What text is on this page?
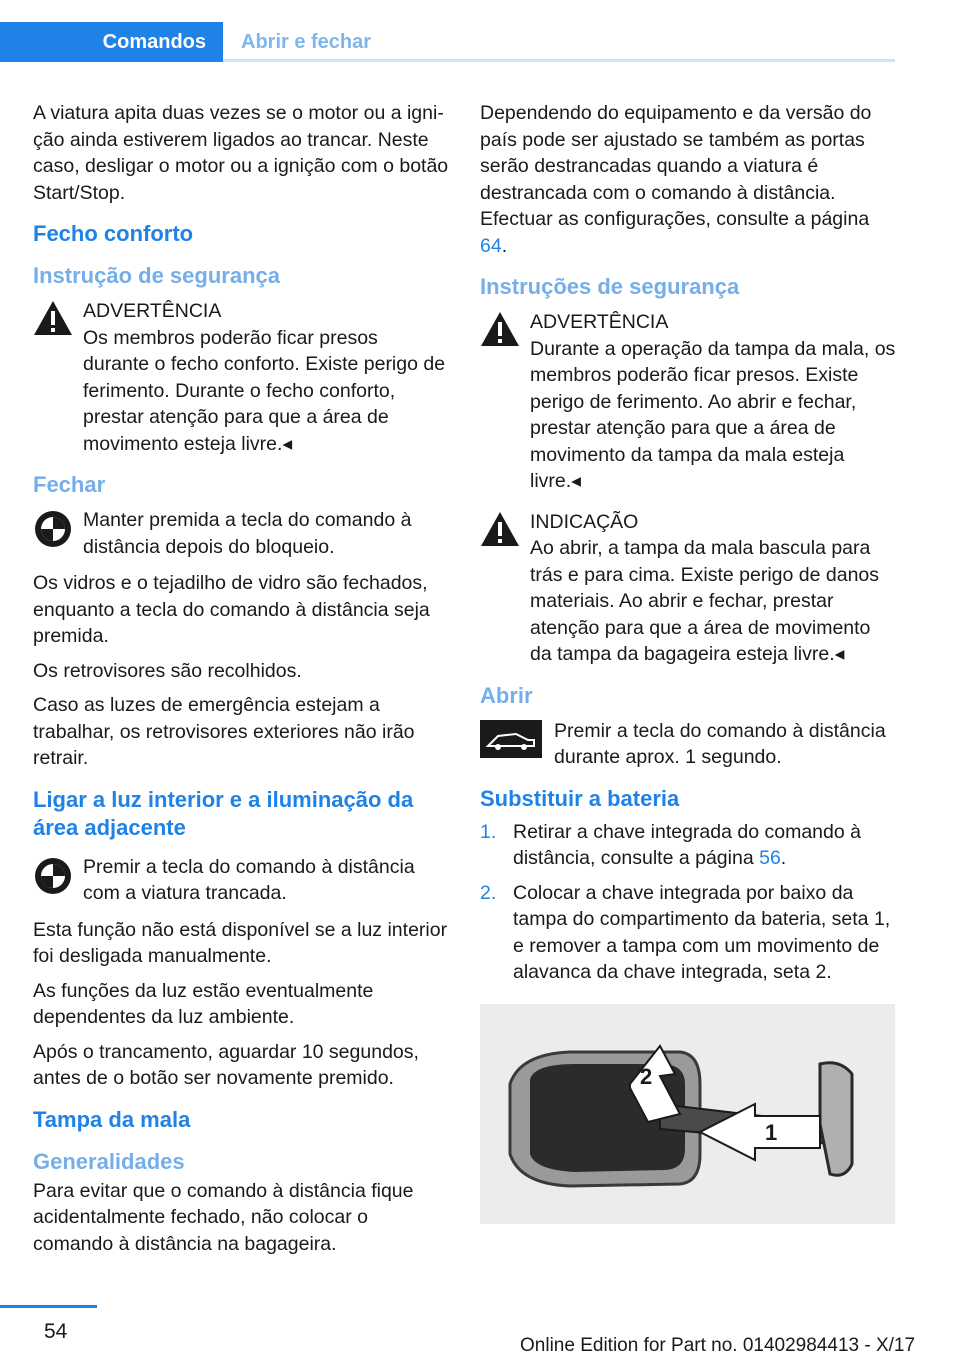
Comandos	Abrir e fechar

A viatura apita duas vezes se o motor ou a ignição ainda estiverem ligados ao trancar. Neste caso, desligar o motor ou a ignição com o botão Start/Stop.

Fecho conforto
Instrução de segurança
ADVERTÊNCIA
Os membros poderão ficar presos durante o fecho conforto. Existe perigo de ferimento. Durante o fecho conforto, prestar atenção para que a área de movimento esteja livre.◂
Fechar
Manter premida a tecla do comando à distância depois do bloqueio.

Os vidros e o tejadilho de vidro são fechados, enquanto a tecla do comando à distância seja premida.

Os retrovisores são recolhidos.

Caso as luzes de emergência estejam a trabalhar, os retrovisores exteriores não irão retrair.

Ligar a luz interior e a iluminação da área adjacente
Premir a tecla do comando à distância com a viatura trancada.

Esta função não está disponível se a luz interior foi desligada manualmente.

As funções da luz estão eventualmente dependentes da luz ambiente.

Após o trancamento, aguardar 10 segundos, antes de o botão ser novamente premido.

Tampa da mala
Generalidades

Para evitar que o comando à distância fique acidentalmente fechado, não colocar o comando à distância na bagageira.

Dependendo do equipamento e da versão do país pode ser ajustado se também as portas serão destrancadas quando a viatura é destrancada com o comando à distância. Efectuar as configurações, consulte a página 64.

Instruções de segurança
ADVERTÊNCIA
Durante a operação da tampa da mala, os membros poderão ficar presos. Existe perigo de ferimento. Ao abrir e fechar, prestar atenção para que a área de movimento da tampa da mala esteja livre.◂
INDICAÇÃO
Ao abrir, a tampa da mala bascula para trás e para cima. Existe perigo de danos materiais. Ao abrir e fechar, prestar atenção para que a área de movimento da tampa da bagageira esteja livre.◂
Abrir
Premir a tecla do comando à distância durante aprox. 1 segundo.
Substituir a bateria
1. Retirar a chave integrada do comando à distância, consulte a página 56.
2. Colocar a chave integrada por baixo da tampa do compartimento da bateria, seta 1, e remover a tampa com um movimento de alavanca da chave integrada, seta 2.
1
2
54
Online Edition for Part no. 01402984413 - X/17
